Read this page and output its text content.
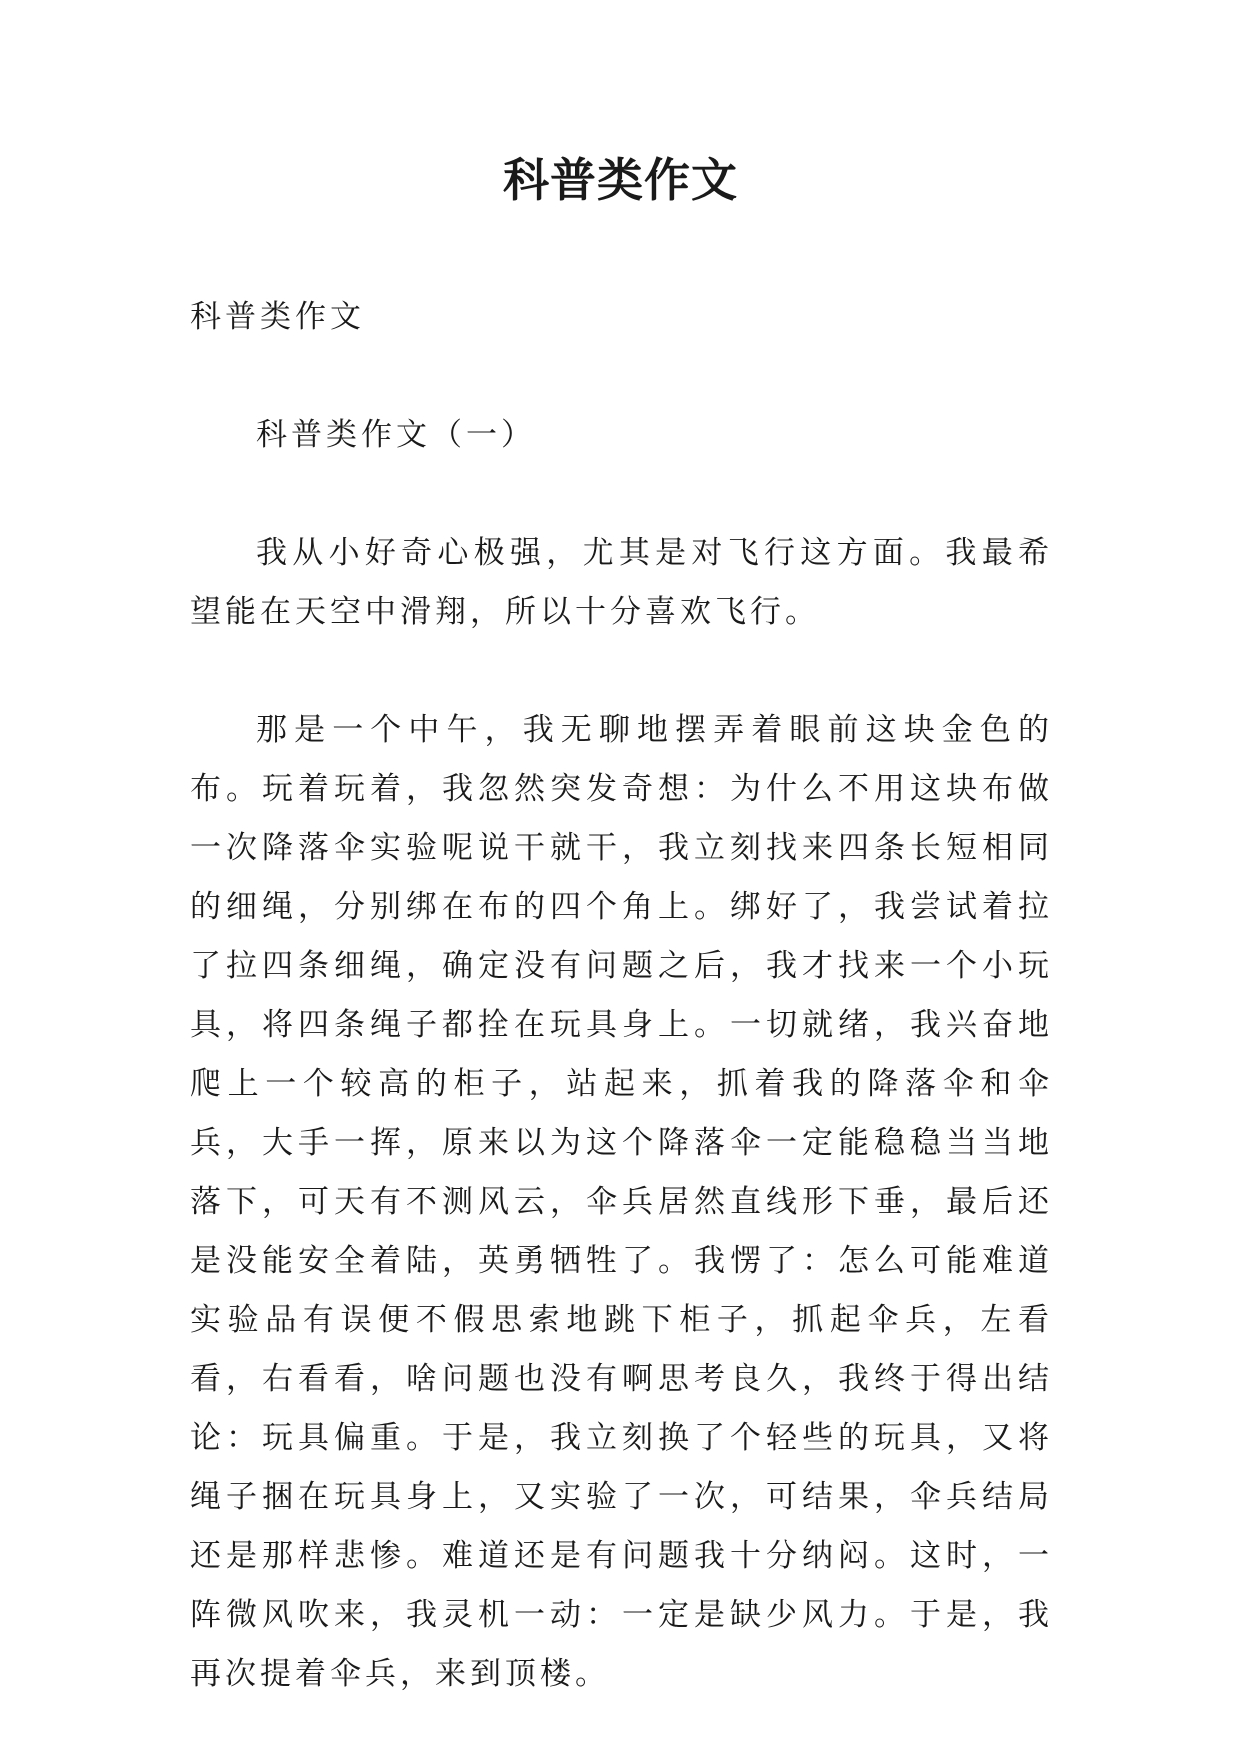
科普类作文

科普类作文

科普类作文（一）

我从小好奇心极强，尤其是对飞行这方面。我最希望能在天空中滑翔，所以十分喜欢飞行。

那是一个中午，我无聊地摆弄着眼前这块金色的布。玩着玩着，我忽然突发奇想：为什么不用这块布做一次降落伞实验呢说干就干，我立刻找来四条长短相同的细绳，分别绑在布的四个角上。绑好了，我尝试着拉了拉四条细绳，确定没有问题之后，我才找来一个小玩具，将四条绳子都拴在玩具身上。一切就绪，我兴奋地爬上一个较高的柜子，站起来，抓着我的降落伞和伞兵，大手一挥，原来以为这个降落伞一定能稳稳当当地落下，可天有不测风云，伞兵居然直线形下垂，最后还是没能安全着陆，英勇牺牲了。我愣了：怎么可能难道实验品有误便不假思索地跳下柜子，抓起伞兵，左看看，右看看，啥问题也没有啊思考良久，我终于得出结论：玩具偏重。于是，我立刻换了个轻些的玩具，又将绳子捆在玩具身上，又实验了一次，可结果，伞兵结局还是那样悲惨。难道还是有问题我十分纳闷。这时，一阵微风吹来，我灵机一动：一定是缺少风力。于是，我再次提着伞兵，来到顶楼。
